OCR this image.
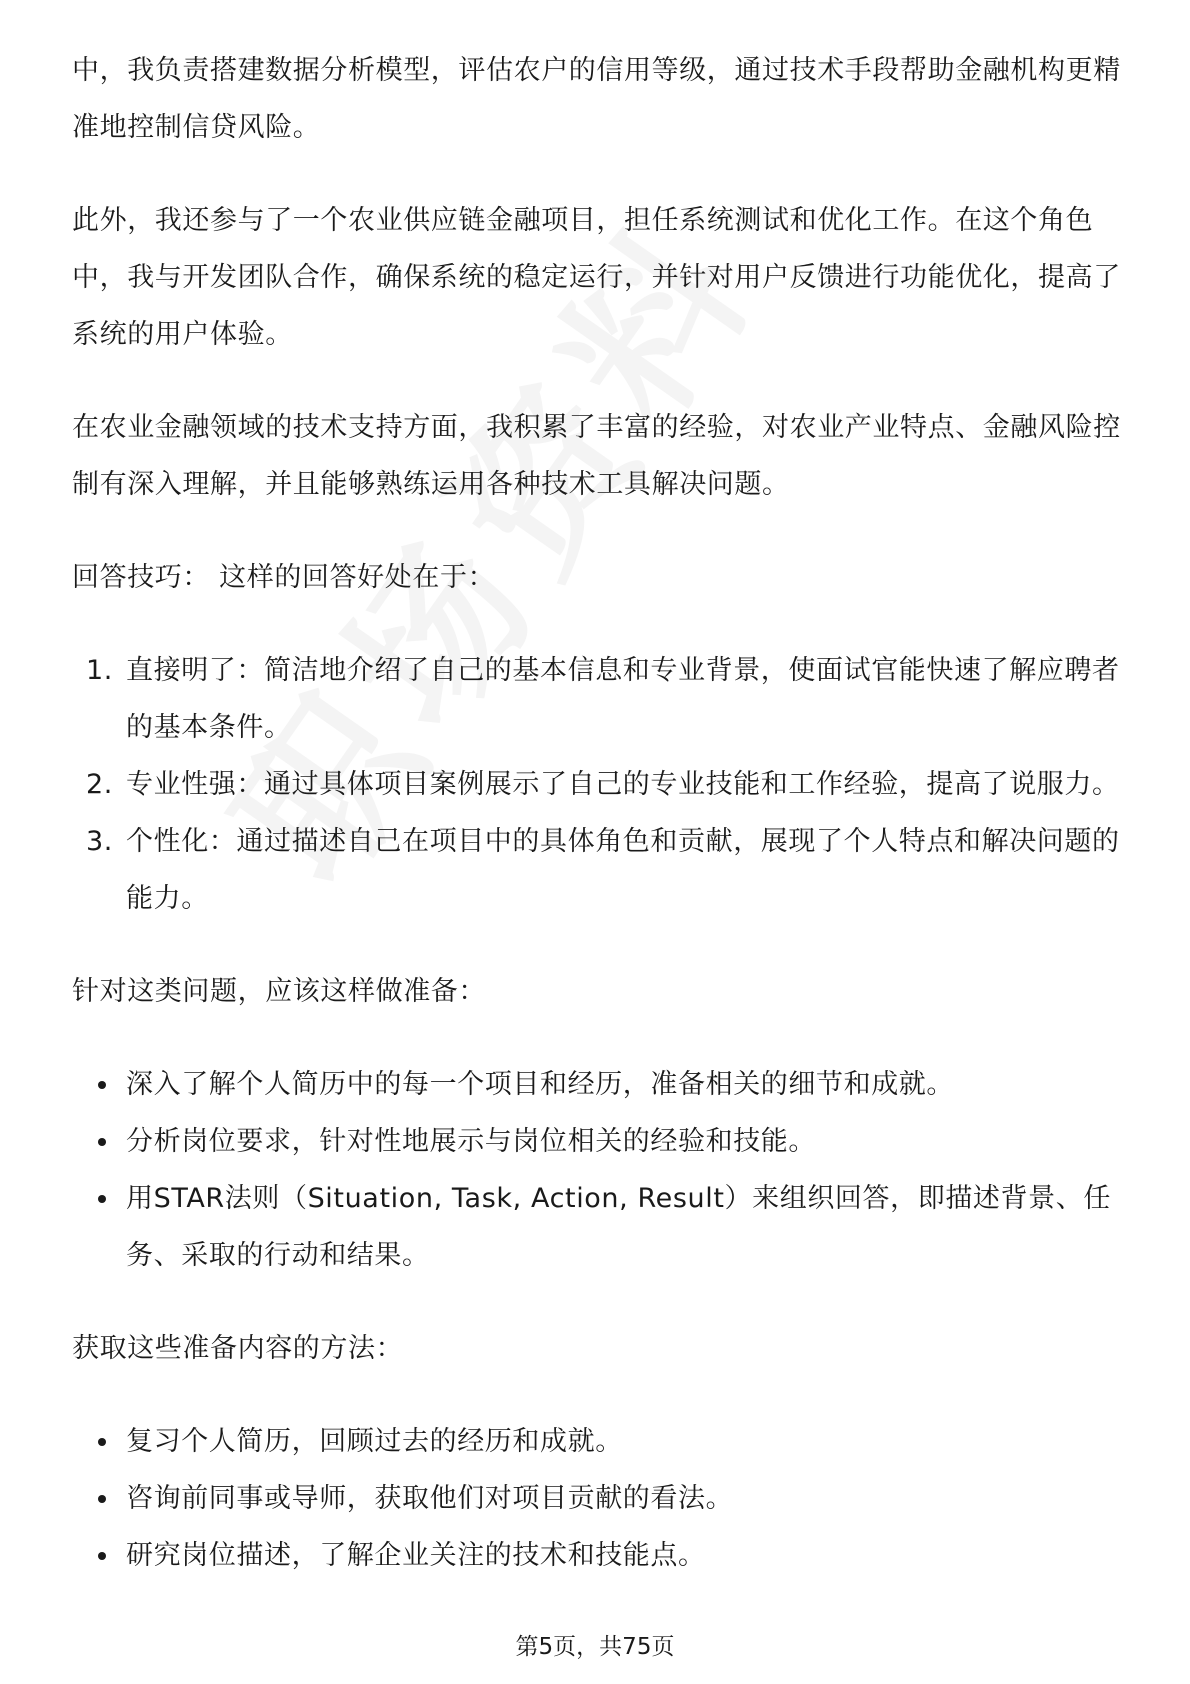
中，我负责搭建数据分析模型，评估农户的信用等级，通过技术手段帮助金融机构更精准地控制信贷风险。

此外，我还参与了一个农业供应链金融项目，担任系统测试和优化工作。在这个角色中，我与开发团队合作，确保系统的稳定运行，并针对用户反馈进行功能优化，提高了系统的用户体验。

在农业金融领域的技术支持方面，我积累了丰富的经验，对农业产业特点、金融风险控制有深入理解，并且能够熟练运用各种技术工具解决问题。

回答技巧： 这样的回答好处在于：
1. 直接明了：简洁地介绍了自己的基本信息和专业背景，使面试官能快速了解应聘者的基本条件。
2. 专业性强：通过具体项目案例展示了自己的专业技能和工作经验，提高了说服力。
3. 个性化：通过描述自己在项目中的具体角色和贡献，展现了个人特点和解决问题的能力。
针对这类问题，应该这样做准备：
深入了解个人简历中的每一个项目和经历，准备相关的细节和成就。
分析岗位要求，针对性地展示与岗位相关的经验和技能。
用STAR法则（Situation, Task, Action, Result）来组织回答，即描述背景、任务、采取的行动和结果。
获取这些准备内容的方法：
复习个人简历，回顾过去的经历和成就。
咨询前同事或导师，获取他们对项目贡献的看法。
研究岗位描述，了解企业关注的技术和技能点。
第5页，共75页
